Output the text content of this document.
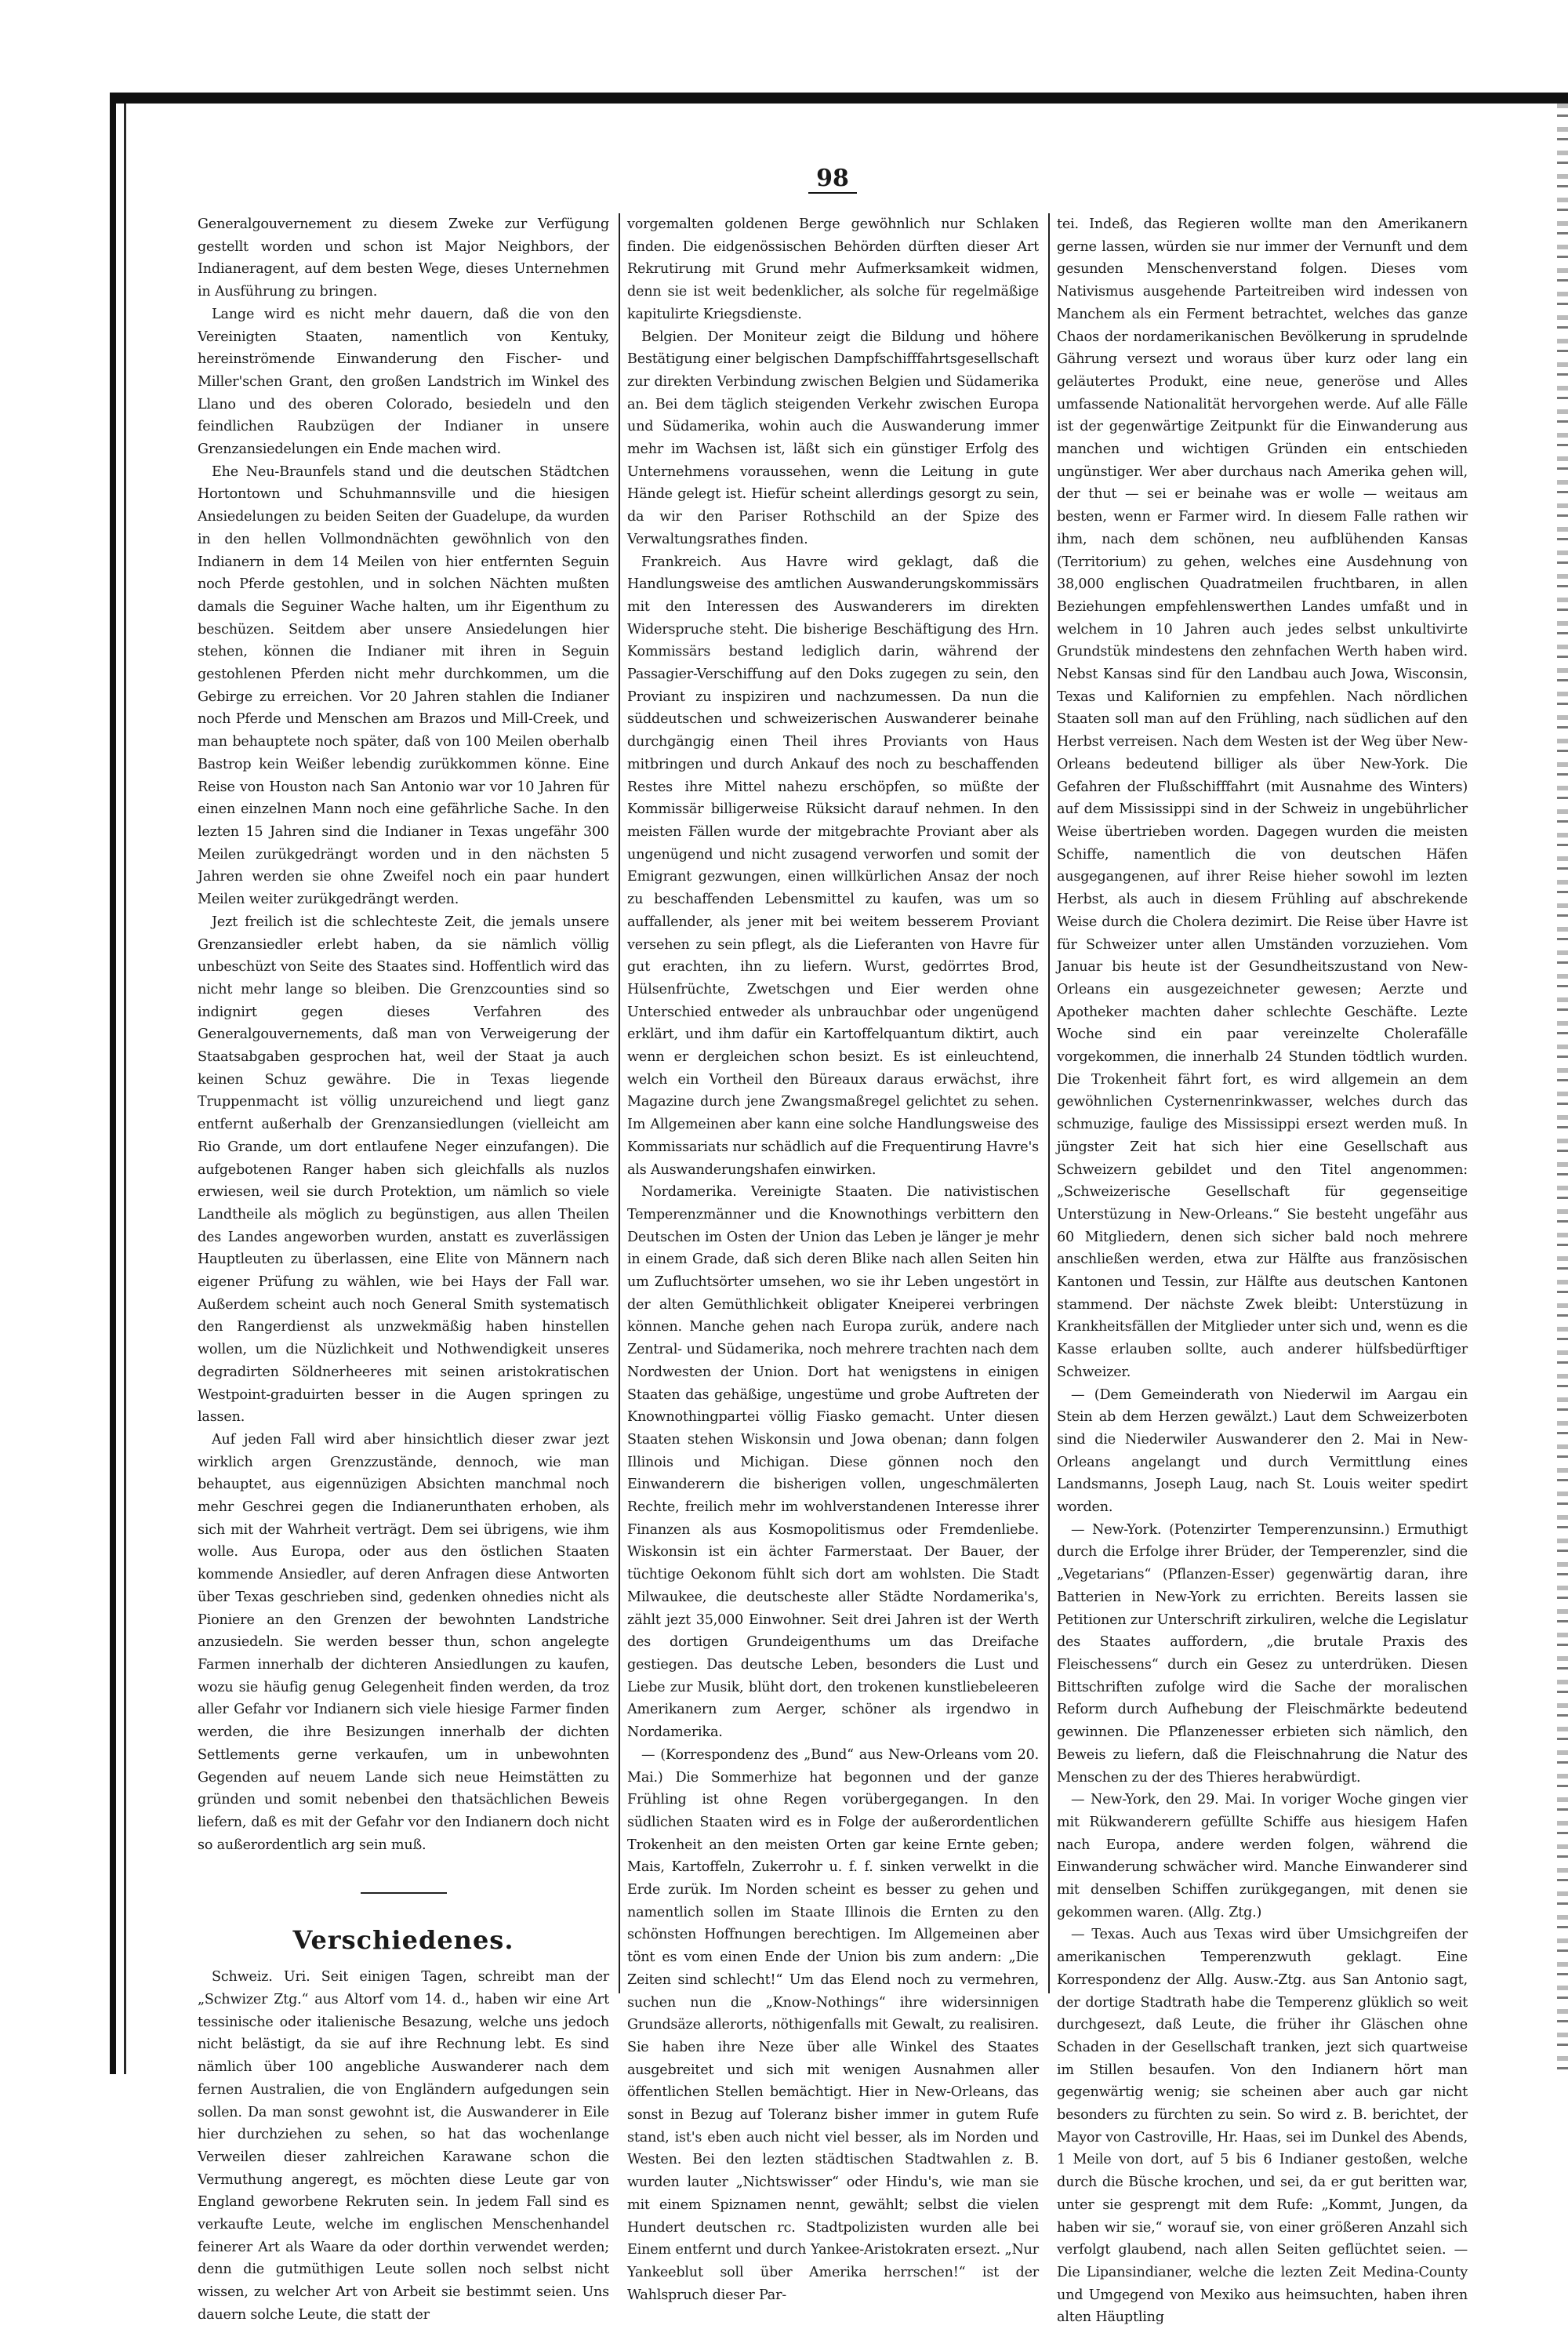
98

Generalgouvernement zu diesem Zweke zur Verfügung gestellt worden und schon ist Major Neighbors, der Indianeragent, auf dem besten Wege, dieses Unternehmen in Ausführung zu bringen.

Lange wird es nicht mehr dauern, daß die von den Vereinigten Staaten, namentlich von Kentuky, hereinströmende Einwanderung den Fischer- und Miller'schen Grant, den großen Landstrich im Winkel des Llano und des oberen Colorado, besiedeln und den feindlichen Raubzügen der Indianer in unsere Grenzansiedelungen ein Ende machen wird.

Ehe Neu-Braunfels stand und die deutschen Städtchen Hortontown und Schuhmannsville und die hiesigen Ansiedelungen zu beiden Seiten der Guadelupe, da wurden in den hellen Vollmondnächten gewöhnlich von den Indianern in dem 14 Meilen von hier entfernten Seguin noch Pferde gestohlen, und in solchen Nächten mußten damals die Seguiner Wache halten, um ihr Eigenthum zu beschüzen. Seitdem aber unsere Ansiedelungen hier stehen, können die Indianer mit ihren in Seguin gestohlenen Pferden nicht mehr durchkommen, um die Gebirge zu erreichen. Vor 20 Jahren stahlen die Indianer noch Pferde und Menschen am Brazos und Mill-Creek, und man behauptete noch später, daß von 100 Meilen oberhalb Bastrop kein Weißer lebendig zurükkommen könne. Eine Reise von Houston nach San Antonio war vor 10 Jahren für einen einzelnen Mann noch eine gefährliche Sache. In den lezten 15 Jahren sind die Indianer in Texas ungefähr 300 Meilen zurükgedrängt worden und in den nächsten 5 Jahren werden sie ohne Zweifel noch ein paar hundert Meilen weiter zurükgedrängt werden.

Jezt freilich ist die schlechteste Zeit, die jemals unsere Grenzansiedler erlebt haben, da sie nämlich völlig unbeschüzt von Seite des Staates sind. Hoffentlich wird das nicht mehr lange so bleiben. Die Grenzcounties sind so indignirt gegen dieses Verfahren des Generalgouvernements, daß man von Verweigerung der Staatsabgaben gesprochen hat, weil der Staat ja auch keinen Schuz gewähre. Die in Texas liegende Truppenmacht ist völlig unzureichend und liegt ganz entfernt außerhalb der Grenzansiedlungen (vielleicht am Rio Grande, um dort entlaufene Neger einzufangen). Die aufgebotenen Ranger haben sich gleichfalls als nuzlos erwiesen, weil sie durch Protektion, um nämlich so viele Landtheile als möglich zu begünstigen, aus allen Theilen des Landes angeworben wurden, anstatt es zuverlässigen Hauptleuten zu überlassen, eine Elite von Männern nach eigener Prüfung zu wählen, wie bei Hays der Fall war. Außerdem scheint auch noch General Smith systematisch den Rangerdienst als unzwekmäßig haben hinstellen wollen, um die Nüzlichkeit und Nothwendigkeit unseres degradirten Söldnerheeres mit seinen aristokratischen Westpoint-graduirten besser in die Augen springen zu lassen.

Auf jeden Fall wird aber hinsichtlich dieser zwar jezt wirklich argen Grenzzustände, dennoch, wie man behauptet, aus eigennüzigen Absichten manchmal noch mehr Geschrei gegen die Indianerunthaten erhoben, als sich mit der Wahrheit verträgt. Dem sei übrigens, wie ihm wolle. Aus Europa, oder aus den östlichen Staaten kommende Ansiedler, auf deren Anfragen diese Antworten über Texas geschrieben sind, gedenken ohnedies nicht als Pioniere an den Grenzen der bewohnten Landstriche anzusiedeln. Sie werden besser thun, schon angelegte Farmen innerhalb der dichteren Ansiedlungen zu kaufen, wozu sie häufig genug Gelegenheit finden werden, da troz aller Gefahr vor Indianern sich viele hiesige Farmer finden werden, die ihre Besizungen innerhalb der dichten Settlements gerne verkaufen, um in unbewohnten Gegenden auf neuem Lande sich neue Heimstätten zu gründen und somit nebenbei den thatsächlichen Beweis liefern, daß es mit der Gefahr vor den Indianern doch nicht so außerordentlich arg sein muß.

Verschiedenes.

Schweiz. Uri. Seit einigen Tagen, schreibt man der „Schwizer Ztg.“ aus Altorf vom 14. d., haben wir eine Art tessinische oder italienische Besazung, welche uns jedoch nicht belästigt, da sie auf ihre Rechnung lebt. Es sind nämlich über 100 angebliche Auswanderer nach dem fernen Australien, die von Engländern aufgedungen sein sollen. Da man sonst gewohnt ist, die Auswanderer in Eile hier durchziehen zu sehen, so hat das wochenlange Verweilen dieser zahlreichen Karawane schon die Vermuthung angeregt, es möchten diese Leute gar von England geworbene Rekruten sein. In jedem Fall sind es verkaufte Leute, welche im englischen Menschenhandel feinerer Art als Waare da oder dorthin verwendet werden; denn die gutmüthigen Leute sollen noch selbst nicht wissen, zu welcher Art von Arbeit sie bestimmt seien. Uns dauern solche Leute, die statt der

vorgemalten goldenen Berge gewöhnlich nur Schlaken finden. Die eidgenössischen Behörden dürften dieser Art Rekrutirung mit Grund mehr Aufmerksamkeit widmen, denn sie ist weit bedenklicher, als solche für regelmäßige kapitulirte Kriegsdienste.

Belgien. Der Moniteur zeigt die Bildung und höhere Bestätigung einer belgischen Dampfschifffahrtsgesellschaft zur direkten Verbindung zwischen Belgien und Südamerika an. Bei dem täglich steigenden Verkehr zwischen Europa und Südamerika, wohin auch die Auswanderung immer mehr im Wachsen ist, läßt sich ein günstiger Erfolg des Unternehmens voraussehen, wenn die Leitung in gute Hände gelegt ist. Hiefür scheint allerdings gesorgt zu sein, da wir den Pariser Rothschild an der Spize des Verwaltungsrathes finden.

Frankreich. Aus Havre wird geklagt, daß die Handlungsweise des amtlichen Auswanderungskommissärs mit den Interessen des Auswanderers im direkten Widerspruche steht. Die bisherige Beschäftigung des Hrn. Kommissärs bestand lediglich darin, während der Passagier-Verschiffung auf den Doks zugegen zu sein, den Proviant zu inspiziren und nachzumessen. Da nun die süddeutschen und schweizerischen Auswanderer beinahe durchgängig einen Theil ihres Proviants von Haus mitbringen und durch Ankauf des noch zu beschaffenden Restes ihre Mittel nahezu erschöpfen, so müßte der Kommissär billigerweise Rüksicht darauf nehmen. In den meisten Fällen wurde der mitgebrachte Proviant aber als ungenügend und nicht zusagend verworfen und somit der Emigrant gezwungen, einen willkürlichen Ansaz der noch zu beschaffenden Lebensmittel zu kaufen, was um so auffallender, als jener mit bei weitem besserem Proviant versehen zu sein pflegt, als die Lieferanten von Havre für gut erachten, ihn zu liefern. Wurst, gedörrtes Brod, Hülsenfrüchte, Zwetschgen und Eier werden ohne Unterschied entweder als unbrauchbar oder ungenügend erklärt, und ihm dafür ein Kartoffelquantum diktirt, auch wenn er dergleichen schon besizt. Es ist einleuchtend, welch ein Vortheil den Büreaux daraus erwächst, ihre Magazine durch jene Zwangsmaßregel gelichtet zu sehen. Im Allgemeinen aber kann eine solche Handlungsweise des Kommissariats nur schädlich auf die Frequentirung Havre's als Auswanderungshafen einwirken.

Nordamerika. Vereinigte Staaten. Die nativistischen Temperenzmänner und die Knownothings verbittern den Deutschen im Osten der Union das Leben je länger je mehr in einem Grade, daß sich deren Blike nach allen Seiten hin um Zufluchtsörter umsehen, wo sie ihr Leben ungestört in der alten Gemüthlichkeit obligater Kneiperei verbringen können. Manche gehen nach Europa zurük, andere nach Zentral- und Südamerika, noch mehrere trachten nach dem Nordwesten der Union. Dort hat wenigstens in einigen Staaten das gehäßige, ungestüme und grobe Auftreten der Knownothingpartei völlig Fiasko gemacht. Unter diesen Staaten stehen Wiskonsin und Jowa obenan; dann folgen Illinois und Michigan. Diese gönnen noch den Einwanderern die bisherigen vollen, ungeschmälerten Rechte, freilich mehr im wohlverstandenen Interesse ihrer Finanzen als aus Kosmopolitismus oder Fremdenliebe. Wiskonsin ist ein ächter Farmerstaat. Der Bauer, der tüchtige Oekonom fühlt sich dort am wohlsten. Die Stadt Milwaukee, die deutscheste aller Städte Nordamerika's, zählt jezt 35,000 Einwohner. Seit drei Jahren ist der Werth des dortigen Grundeigenthums um das Dreifache gestiegen. Das deutsche Leben, besonders die Lust und Liebe zur Musik, blüht dort, den trokenen kunstliebeleeren Amerikanern zum Aerger, schöner als irgendwo in Nordamerika.

— (Korrespondenz des „Bund“ aus New-Orleans vom 20. Mai.) Die Sommerhize hat begonnen und der ganze Frühling ist ohne Regen vorübergegangen. In den südlichen Staaten wird es in Folge der außerordentlichen Trokenheit an den meisten Orten gar keine Ernte geben; Mais, Kartoffeln, Zukerrohr u. f. f. sinken verwelkt in die Erde zurük. Im Norden scheint es besser zu gehen und namentlich sollen im Staate Illinois die Ernten zu den schönsten Hoffnungen berechtigen. Im Allgemeinen aber tönt es vom einen Ende der Union bis zum andern: „Die Zeiten sind schlecht!“ Um das Elend noch zu vermehren, suchen nun die „Know-Nothings“ ihre widersinnigen Grundsäze allerorts, nöthigenfalls mit Gewalt, zu realisiren. Sie haben ihre Neze über alle Winkel des Staates ausgebreitet und sich mit wenigen Ausnahmen aller öffentlichen Stellen bemächtigt. Hier in New-Orleans, das sonst in Bezug auf Toleranz bisher immer in gutem Rufe stand, ist's eben auch nicht viel besser, als im Norden und Westen. Bei den lezten städtischen Stadtwahlen z. B. wurden lauter „Nichtswisser“ oder Hindu's, wie man sie mit einem Spiznamen nennt, gewählt; selbst die vielen Hundert deutschen rc. Stadtpolizisten wurden alle bei Einem entfernt und durch Yankee-Aristokraten ersezt. „Nur Yankeeblut soll über Amerika herrschen!“ ist der Wahlspruch dieser Par-

tei. Indeß, das Regieren wollte man den Amerikanern gerne lassen, würden sie nur immer der Vernunft und dem gesunden Menschenverstand folgen. Dieses vom Nativismus ausgehende Parteitreiben wird indessen von Manchem als ein Ferment betrachtet, welches das ganze Chaos der nordamerikanischen Bevölkerung in sprudelnde Gährung versezt und woraus über kurz oder lang ein geläutertes Produkt, eine neue, generöse und Alles umfassende Nationalität hervorgehen werde. Auf alle Fälle ist der gegenwärtige Zeitpunkt für die Einwanderung aus manchen und wichtigen Gründen ein entschieden ungünstiger. Wer aber durchaus nach Amerika gehen will, der thut — sei er beinahe was er wolle — weitaus am besten, wenn er Farmer wird. In diesem Falle rathen wir ihm, nach dem schönen, neu aufblühenden Kansas (Territorium) zu gehen, welches eine Ausdehnung von 38,000 englischen Quadratmeilen fruchtbaren, in allen Beziehungen empfehlenswerthen Landes umfaßt und in welchem in 10 Jahren auch jedes selbst unkultivirte Grundstük mindestens den zehnfachen Werth haben wird. Nebst Kansas sind für den Landbau auch Jowa, Wisconsin, Texas und Kalifornien zu empfehlen. Nach nördlichen Staaten soll man auf den Frühling, nach südlichen auf den Herbst verreisen. Nach dem Westen ist der Weg über New-Orleans bedeutend billiger als über New-York. Die Gefahren der Flußschifffahrt (mit Ausnahme des Winters) auf dem Mississippi sind in der Schweiz in ungebührlicher Weise übertrieben worden. Dagegen wurden die meisten Schiffe, namentlich die von deutschen Häfen ausgegangenen, auf ihrer Reise hieher sowohl im lezten Herbst, als auch in diesem Frühling auf abschrekende Weise durch die Cholera dezimirt. Die Reise über Havre ist für Schweizer unter allen Umständen vorzuziehen. Vom Januar bis heute ist der Gesundheitszustand von New-Orleans ein ausgezeichneter gewesen; Aerzte und Apotheker machten daher schlechte Geschäfte. Lezte Woche sind ein paar vereinzelte Cholerafälle vorgekommen, die innerhalb 24 Stunden tödtlich wurden. Die Trokenheit fährt fort, es wird allgemein an dem gewöhnlichen Cysternenrinkwasser, welches durch das schmuzige, faulige des Mississippi ersezt werden muß. In jüngster Zeit hat sich hier eine Gesellschaft aus Schweizern gebildet und den Titel angenommen: „Schweizerische Gesellschaft für gegenseitige Unterstüzung in New-Orleans.“ Sie besteht ungefähr aus 60 Mitgliedern, denen sich sicher bald noch mehrere anschließen werden, etwa zur Hälfte aus französischen Kantonen und Tessin, zur Hälfte aus deutschen Kantonen stammend. Der nächste Zwek bleibt: Unterstüzung in Krankheitsfällen der Mitglieder unter sich und, wenn es die Kasse erlauben sollte, auch anderer hülfsbedürftiger Schweizer.

— (Dem Gemeinderath von Niederwil im Aargau ein Stein ab dem Herzen gewälzt.) Laut dem Schweizerboten sind die Niederwiler Auswanderer den 2. Mai in New-Orleans angelangt und durch Vermittlung eines Landsmanns, Joseph Laug, nach St. Louis weiter spedirt worden.

— New-York. (Potenzirter Temperenzunsinn.) Ermuthigt durch die Erfolge ihrer Brüder, der Temperenzler, sind die „Vegetarians“ (Pflanzen-Esser) gegenwärtig daran, ihre Batterien in New-York zu errichten. Bereits lassen sie Petitionen zur Unterschrift zirkuliren, welche die Legislatur des Staates auffordern, „die brutale Praxis des Fleischessens“ durch ein Gesez zu unterdrüken. Diesen Bittschriften zufolge wird die Sache der moralischen Reform durch Aufhebung der Fleischmärkte bedeutend gewinnen. Die Pflanzenesser erbieten sich nämlich, den Beweis zu liefern, daß die Fleischnahrung die Natur des Menschen zu der des Thieres herabwürdigt.

— New-York, den 29. Mai. In voriger Woche gingen vier mit Rükwanderern gefüllte Schiffe aus hiesigem Hafen nach Europa, andere werden folgen, während die Einwanderung schwächer wird. Manche Einwanderer sind mit denselben Schiffen zurükgegangen, mit denen sie gekommen waren. (Allg. Ztg.)

— Texas. Auch aus Texas wird über Umsichgreifen der amerikanischen Temperenzwuth geklagt. Eine Korrespondenz der Allg. Ausw.-Ztg. aus San Antonio sagt, der dortige Stadtrath habe die Temperenz glüklich so weit durchgesezt, daß Leute, die früher ihr Gläschen ohne Schaden in der Gesellschaft tranken, jezt sich quartweise im Stillen besaufen. Von den Indianern hört man gegenwärtig wenig; sie scheinen aber auch gar nicht besonders zu fürchten zu sein. So wird z. B. berichtet, der Mayor von Castroville, Hr. Haas, sei im Dunkel des Abends, 1 Meile von dort, auf 5 bis 6 Indianer gestoßen, welche durch die Büsche krochen, und sei, da er gut beritten war, unter sie gesprengt mit dem Rufe: „Kommt, Jungen, da haben wir sie,“ worauf sie, von einer größeren Anzahl sich verfolgt glaubend, nach allen Seiten geflüchtet seien. — Die Lipansindianer, welche die lezten Zeit Medina-County und Umgegend von Mexiko aus heimsuchten, haben ihren alten Häuptling
